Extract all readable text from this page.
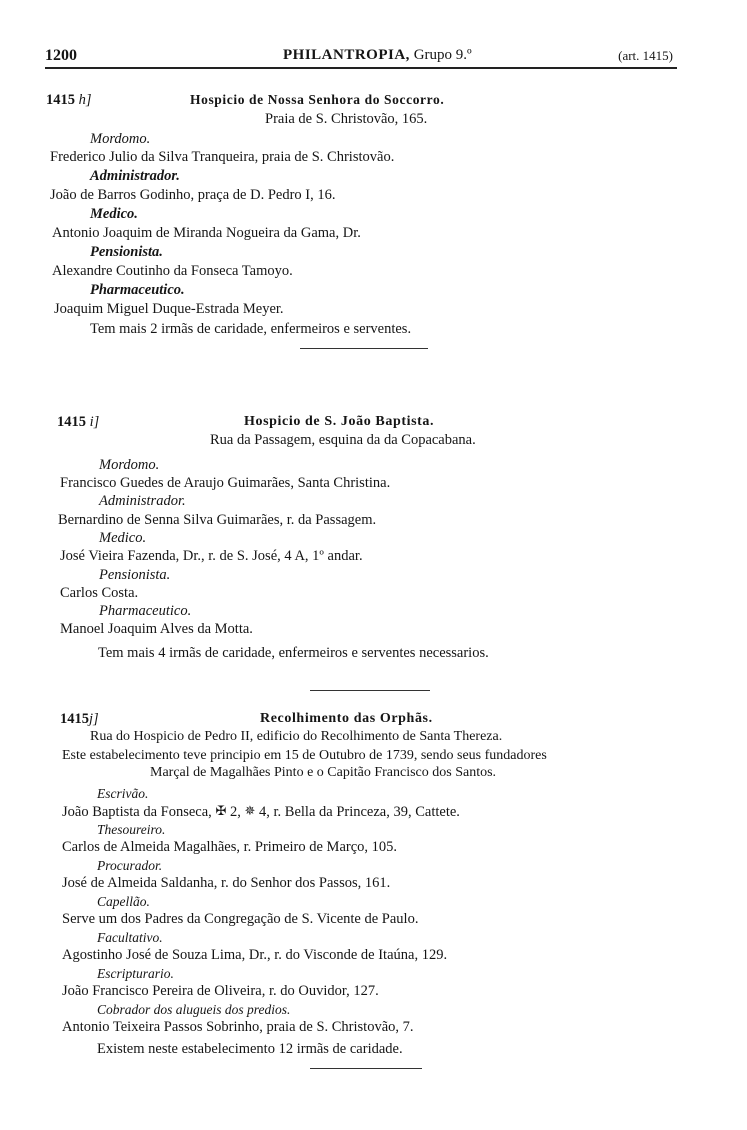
1200	PHILANTROPIA, Grupo 9.º	(art. 1415)
1415 h]	Hospicio de Nossa Senhora do Soccorro.
Praia de S. Christovão, 165.
Mordomo.
Frederico Julio da Silva Tranqueira, praia de S. Christovão.
Administrador.
João de Barros Godinho, praça de D. Pedro I, 16.
Medico.
Antonio Joaquim de Miranda Nogueira da Gama, Dr.
Pensionista.
Alexandre Coutinho da Fonseca Tamoyo.
Pharmaceutico.
Joaquim Miguel Duque-Estrada Meyer.
Tem mais 2 irmãs de caridade, enfermeiros e serventes.
1415 i]	Hospicio de S. João Baptista.
Rua da Passagem, esquina da da Copacabana.
Mordomo.
Francisco Guedes de Araujo Guimarães, Santa Christina.
Administrador.
Bernardino de Senna Silva Guimarães, r. da Passagem.
Medico.
José Vieira Fazenda, Dr., r. de S. José, 4 A, 1º andar.
Pensionista.
Carlos Costa.
Pharmaceutico.
Manoel Joaquim Alves da Motta.
Tem mais 4 irmãs de caridade, enfermeiros e serventes necessarios.
1415j]	Recolhimento das Orphãs.
Rua do Hospicio de Pedro II, edificio do Recolhimento de Santa Thereza.
Este estabelecimento teve principio em 15 de Outubro de 1739, sendo seus fundadores
Marçal de Magalhães Pinto e o Capitão Francisco dos Santos.
Escrivão.
João Baptista da Fonseca, ✠ 2, ✵ 4, r. Bella da Princeza, 39, Cattete.
Thesoureiro.
Carlos de Almeida Magalhães, r. Primeiro de Março, 105.
Procurador.
José de Almeida Saldanha, r. do Senhor dos Passos, 161.
Capellão.
Serve um dos Padres da Congregação de S. Vicente de Paulo.
Facultativo.
Agostinho José de Souza Lima, Dr., r. do Visconde de Itaúna, 129.
Escripturario.
João Francisco Pereira de Oliveira, r. do Ouvidor, 127.
Cobrador dos alugueis dos predios.
Antonio Teixeira Passos Sobrinho, praia de S. Christovão, 7.
Existem neste estabelecimento 12 irmãs de caridade.
